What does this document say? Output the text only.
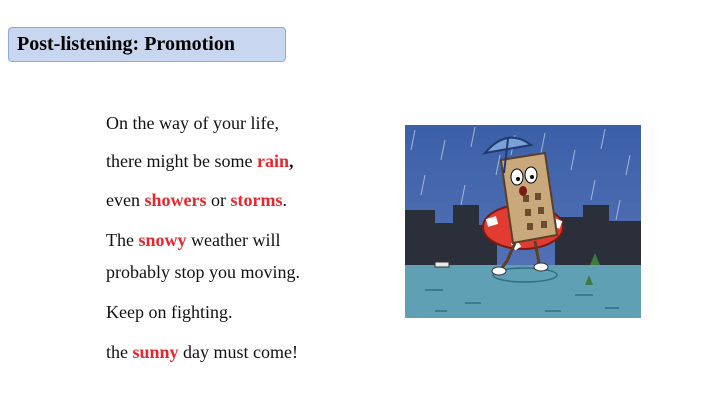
Post-listening: Promotion
On the way of your life,
there might be some rain,
even showers or storms.
The snowy weather will
probably stop you moving.
Keep on fighting.
the sunny day must come!
